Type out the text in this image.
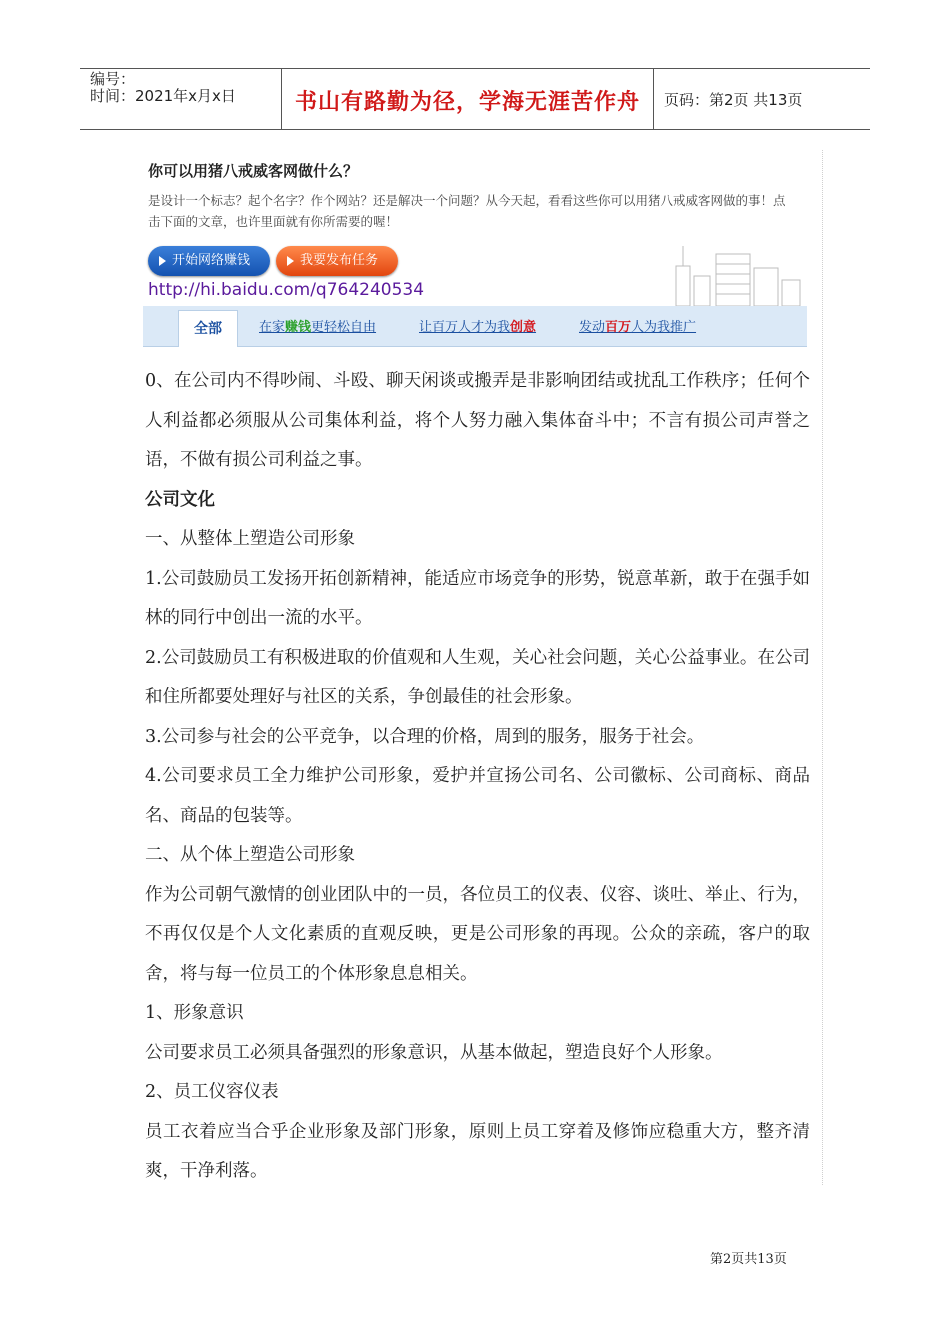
编号：
时间：2021年x月x日	书山有路勤为径，学海无涯苦作舟	页码：第2页 共13页
你可以用猪八戒威客网做什么？
是设计一个标志？起个名字？作个网站？还是解决一个问题？从今天起，看看这些你可以用猪八戒威客网做的事！点击下面的文章，也许里面就有你所需要的喔！
开始网络赚钱	我要发布任务
http://hi.baidu.com/q764240534
全部	在家赚钱更轻松自由	让百万人才为我创意	发动百万人为我推广

0、在公司内不得吵闹、斗殴、聊天闲谈或搬弄是非影响团结或扰乱工作秩序；任何个人利益都必须服从公司集体利益，将个人努力融入集体奋斗中；不言有损公司声誉之语，不做有损公司利益之事。

公司文化

一、从整体上塑造公司形象

1.公司鼓励员工发扬开拓创新精神，能适应市场竞争的形势，锐意革新，敢于在强手如林的同行中创出一流的水平。

2.公司鼓励员工有积极进取的价值观和人生观，关心社会问题，关心公益事业。在公司和住所都要处理好与社区的关系，争创最佳的社会形象。

3.公司参与社会的公平竞争，以合理的价格，周到的服务，服务于社会。

4.公司要求员工全力维护公司形象，爱护并宣扬公司名、公司徽标、公司商标、商品名、商品的包装等。

二、从个体上塑造公司形象

作为公司朝气激情的创业团队中的一员，各位员工的仪表、仪容、谈吐、举止、行为，不再仅仅是个人文化素质的直观反映，更是公司形象的再现。公众的亲疏，客户的取舍，将与每一位员工的个体形象息息相关。

1、形象意识

公司要求员工必须具备强烈的形象意识，从基本做起，塑造良好个人形象。

2、员工仪容仪表

员工衣着应当合乎企业形象及部门形象，原则上员工穿着及修饰应稳重大方，整齐清爽，干净利落。

第2页共13页
